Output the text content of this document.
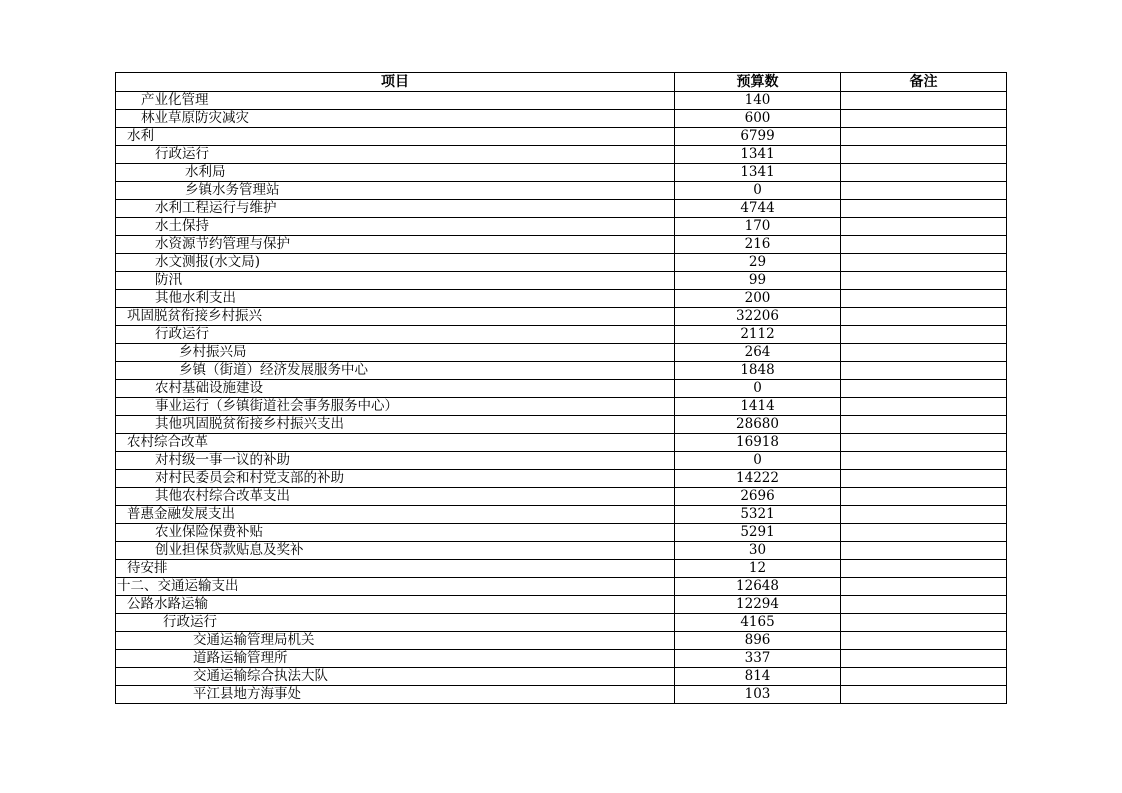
项目	预算数	备注
产业化管理	140	
林业草原防灾减灾	600	
水利	6799	
行政运行	1341	
水利局	1341	
乡镇水务管理站	0	
水利工程运行与维护	4744	
水土保持	170	
水资源节约管理与保护	216	
水文测报(水文局)	29	
防汛	99	
其他水利支出	200	
巩固脱贫衔接乡村振兴	32206	
行政运行	2112	
乡村振兴局	264	
乡镇（街道）经济发展服务中心	1848	
农村基础设施建设	0	
事业运行（乡镇街道社会事务服务中心）	1414	
其他巩固脱贫衔接乡村振兴支出	28680	
农村综合改革	16918	
对村级一事一议的补助	0	
对村民委员会和村党支部的补助	14222	
其他农村综合改革支出	2696	
普惠金融发展支出	5321	
农业保险保费补贴	5291	
创业担保贷款贴息及奖补	30	
待安排	12	
十二、交通运输支出	12648	
公路水路运输	12294	
行政运行	4165	
交通运输管理局机关	896	
道路运输管理所	337	
交通运输综合执法大队	814	
平江县地方海事处	103	
